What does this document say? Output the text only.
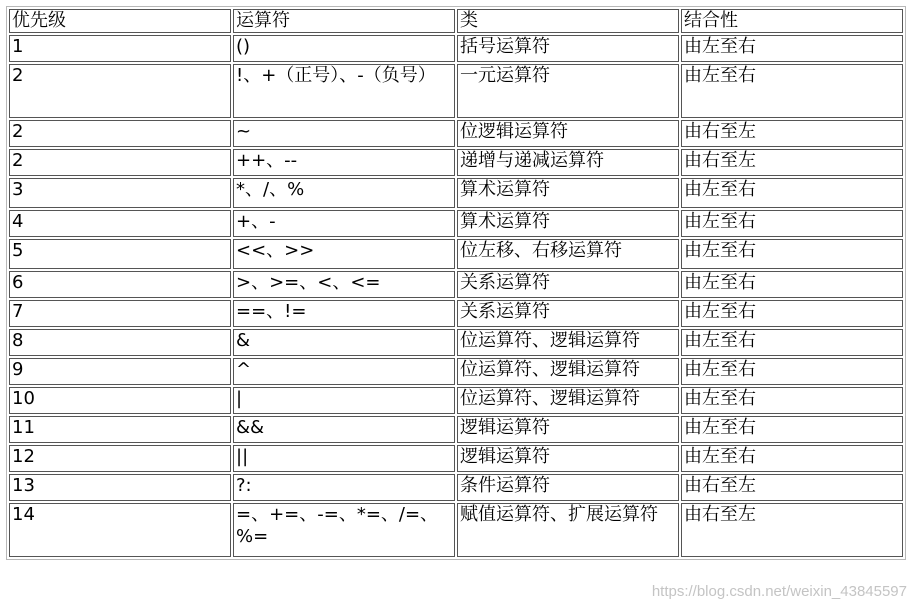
优先级	运算符	类	结合性
1	()	括号运算符	由左至右
2	!、+（正号）、-（负号）	一元运算符	由左至右
2	~	位逻辑运算符	由右至左
2	++、--	递增与递减运算符	由右至左
3	*、/、%	算术运算符	由左至右
4	+、-	算术运算符	由左至右
5	<<、>>	位左移、右移运算符	由左至右
6	>、>=、<、<=	关系运算符	由左至右
7	==、!=	关系运算符	由左至右
8	&	位运算符、逻辑运算符	由左至右
9	^	位运算符、逻辑运算符	由左至右
10	|	位运算符、逻辑运算符	由左至右
11	&&	逻辑运算符	由左至右
12	||	逻辑运算符	由左至右
13	?:	条件运算符	由右至左
14	=、+=、-=、*=、/=、%=	赋值运算符、扩展运算符	由右至左
https://blog.csdn.net/weixin_43845597
